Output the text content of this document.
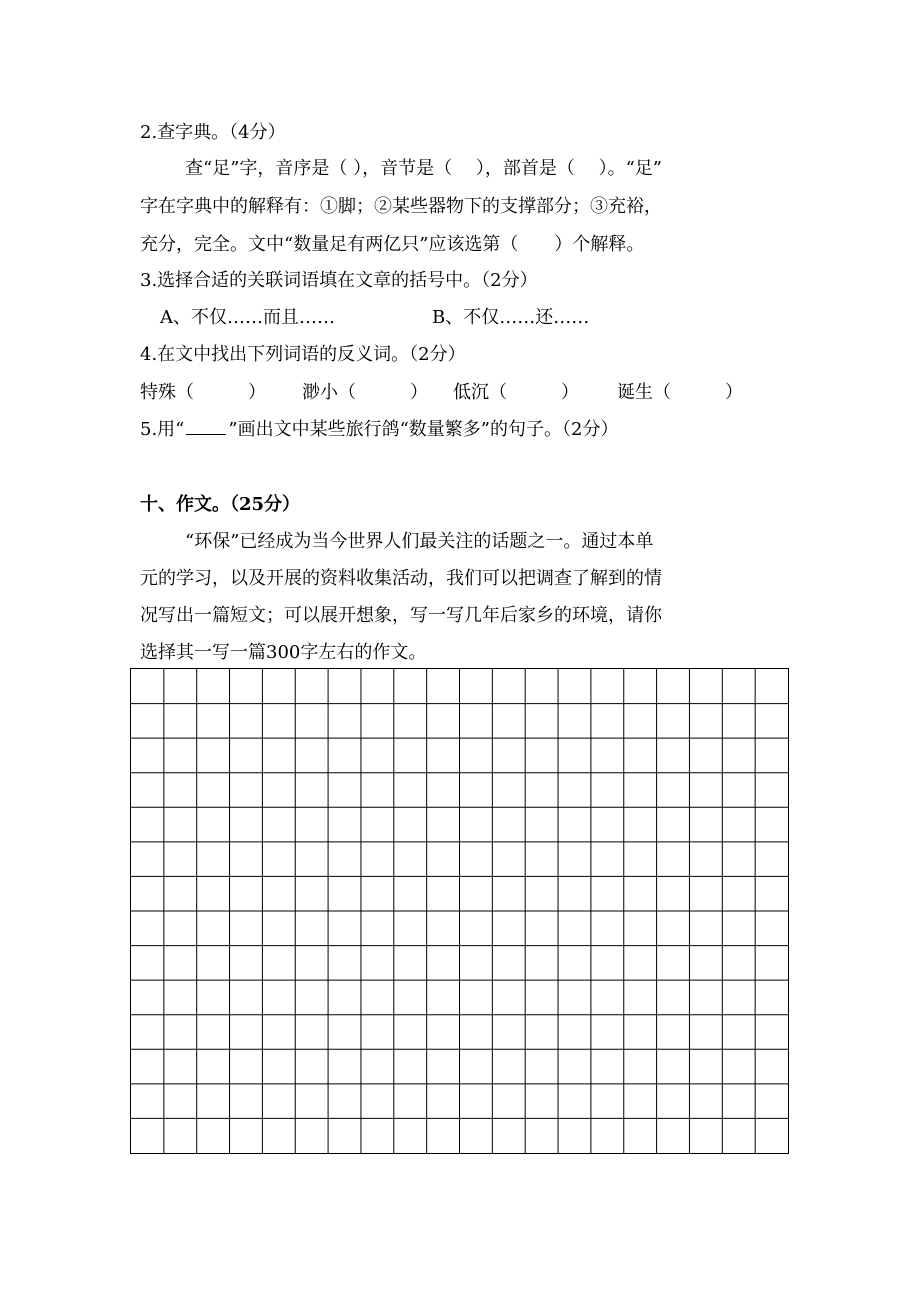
2.查字典。（4分）
查“足”字，音序是（ ），音节是（　 ），部首是（　 ）。“足”
字在字典中的解释有：①脚；②某些器物下的支撑部分；③充裕，
充分，完全。文中“数量足有两亿只”应该选第（　　）个解释。
3.选择合适的关联词语填在文章的括号中。（2分）
A、不仅……而且……	B、不仅……还……
4.在文中找出下列词语的反义词。（2分）
特殊（　　　） 渺小（　　　） 低沉（　　　） 诞生（　　　）
5.用“ ”画出文中某些旅行鸽“数量繁多”的句子。（2分）
十、作文。（25分）
“环保”已经成为当今世界人们最关注的话题之一。通过本单
元的学习，以及开展的资料收集活动，我们可以把调查了解到的情
况写出一篇短文；可以展开想象，写一写几年后家乡的环境，请你
选择其一写一篇300字左右的作文。
